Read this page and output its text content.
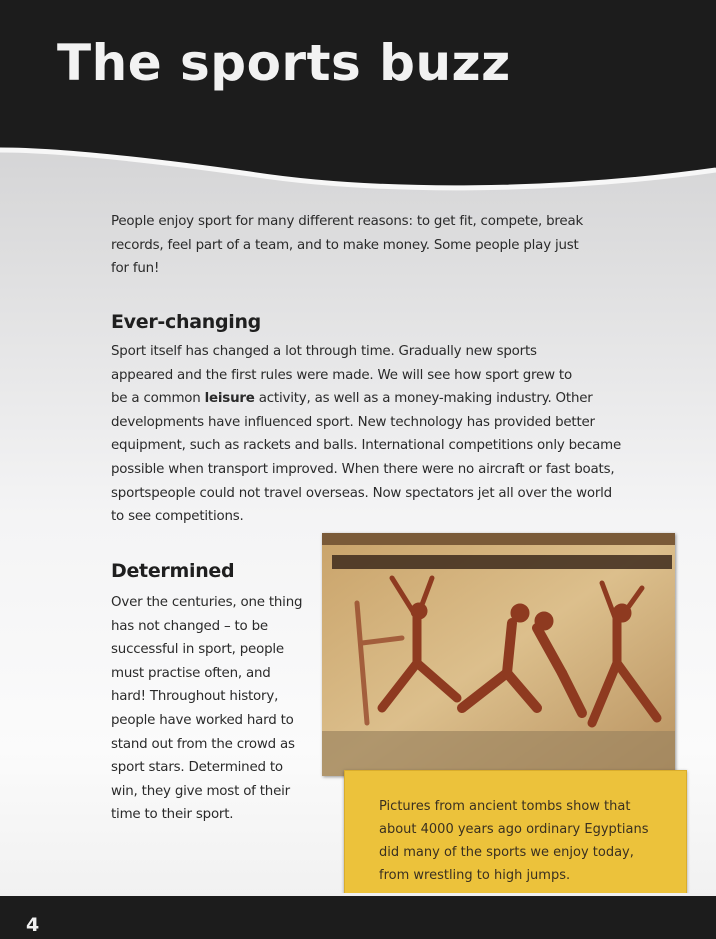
The sports buzz
People enjoy sport for many different reasons: to get fit, compete, break
records, feel part of a team, and to make money. Some people play just
for fun!
Ever-changing
Sport itself has changed a lot through time. Gradually new sports
appeared and the first rules were made. We will see how sport grew to
be a common leisure activity, as well as a money-making industry. Other
developments have influenced sport. New technology has provided better
equipment, such as rackets and balls. International competitions only became
possible when transport improved. When there were no aircraft or fast boats,
sportspeople could not travel overseas. Now spectators jet all over the world
to see competitions.
Determined
Over the centuries, one thing
has not changed – to be
successful in sport, people
must practise often, and
hard! Throughout history,
people have worked hard to
stand out from the crowd as
sport stars. Determined to
win, they give most of their
time to their sport.
Pictures from ancient tombs show that
about 4000 years ago ordinary Egyptians
did many of the sports we enjoy today,
from wrestling to high jumps.
4
